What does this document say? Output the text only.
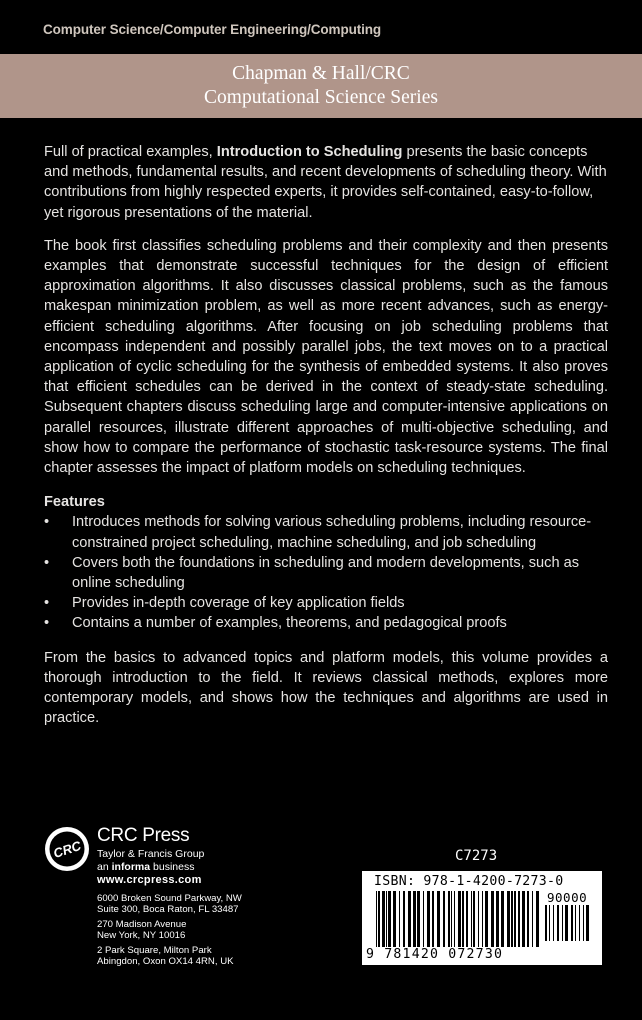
Computer Science/Computer Engineering/Computing
Chapman & Hall/CRC
Computational Science Series

Full of practical examples, Introduction to Scheduling presents the basic concepts and methods, fundamental results, and recent developments of scheduling theory. With contributions from highly respected experts, it provides self-contained, easy-to-follow, yet rigorous presentations of the material.

The book first classifies scheduling problems and their complexity and then presents examples that demonstrate successful techniques for the design of efficient approximation algorithms. It also discusses classical problems, such as the famous makespan minimization problem, as well as more recent advances, such as energy-efficient scheduling algorithms. After focusing on job scheduling problems that encompass independent and possibly parallel jobs, the text moves on to a practical application of cyclic scheduling for the synthesis of embedded systems. It also proves that efficient schedules can be derived in the context of steady-state scheduling. Subsequent chapters discuss scheduling large and computer-intensive applications on parallel resources, illustrate different approaches of multi-objective scheduling, and show how to compare the performance of stochastic task-resource systems. The final chapter assesses the impact of platform models on scheduling techniques.

Features

• Introduces methods for solving various scheduling problems, including resource-constrained project scheduling, machine scheduling, and job scheduling
• Covers both the foundations in scheduling and modern developments, such as online scheduling
• Provides in-depth coverage of key application fields
• Contains a number of examples, theorems, and pedagogical proofs

From the basics to advanced topics and platform models, this volume provides a thorough introduction to the field. It reviews classical methods, explores more contemporary models, and shows how the techniques and algorithms are used in practice.

CRC
CRC Press
Taylor & Francis Group
an informa business
www.crcpress.com
6000 Broken Sound Parkway, NW
Suite 300, Boca Raton, FL 33487
270 Madison Avenue
New York, NY 10016
2 Park Square, Milton Park
Abingdon, Oxon OX14 4RN, UK
C7273
ISBN: 978-1-4200-7273-0
90000
9 781420 072730
